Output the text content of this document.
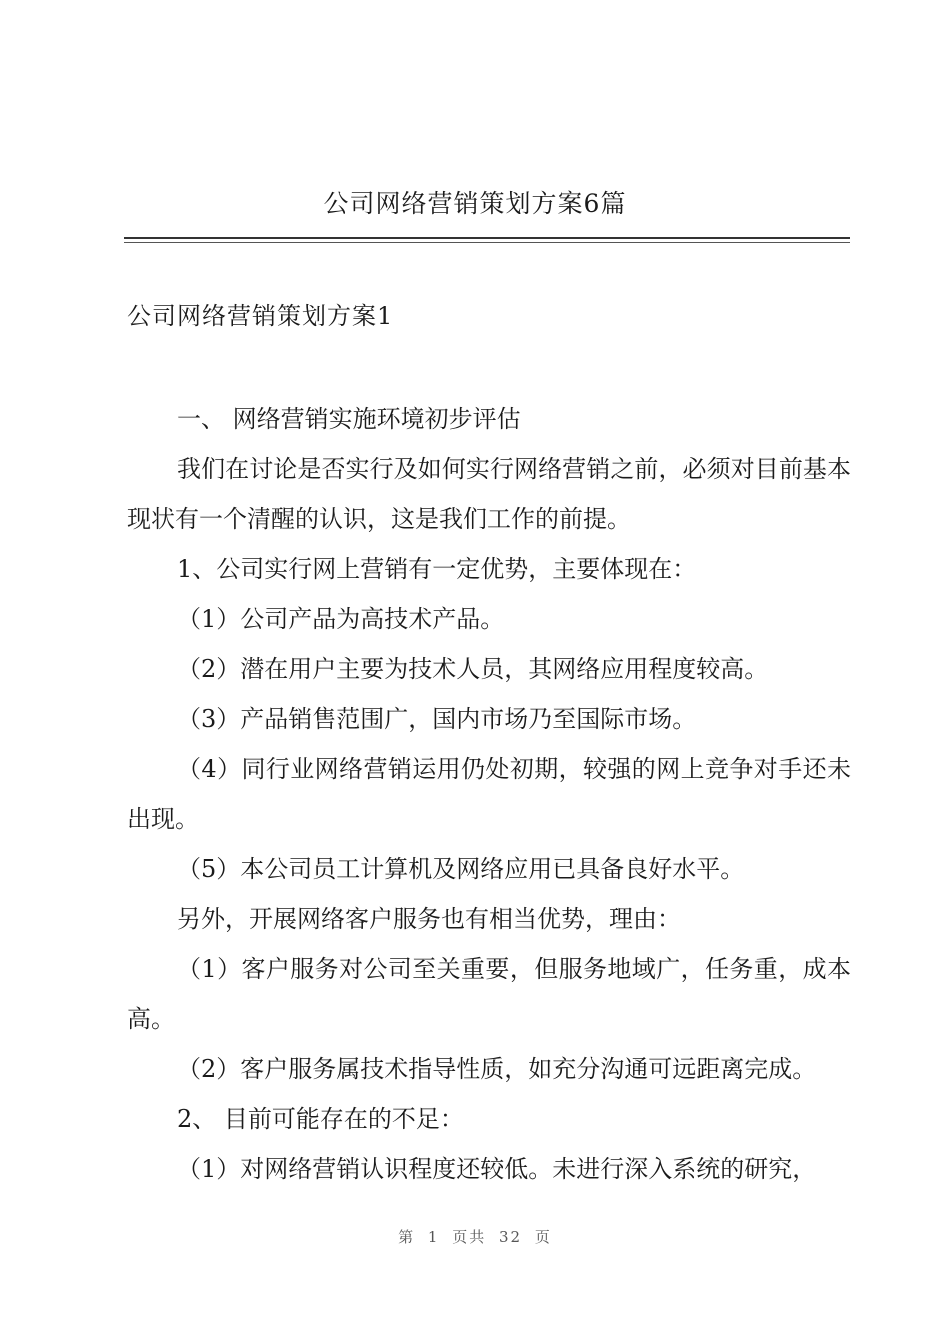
公司网络营销策划方案6篇
公司网络营销策划方案1

一、 网络营销实施环境初步评估

我们在讨论是否实行及如何实行网络营销之前，必须对目前基本现状有一个清醒的认识，这是我们工作的前提。

1、公司实行网上营销有一定优势，主要体现在：

（1）公司产品为高技术产品。

（2）潜在用户主要为技术人员，其网络应用程度较高。

（3）产品销售范围广，国内市场乃至国际市场。

（4）同行业网络营销运用仍处初期，较强的网上竞争对手还未出现。

（5）本公司员工计算机及网络应用已具备良好水平。

另外，开展网络客户服务也有相当优势，理由：

（1）客户服务对公司至关重要，但服务地域广，任务重，成本高。

（2）客户服务属技术指导性质，如充分沟通可远距离完成。

2、 目前可能存在的不足：

（1）对网络营销认识程度还较低。未进行深入系统的研究，

第 1 页共 32 页
